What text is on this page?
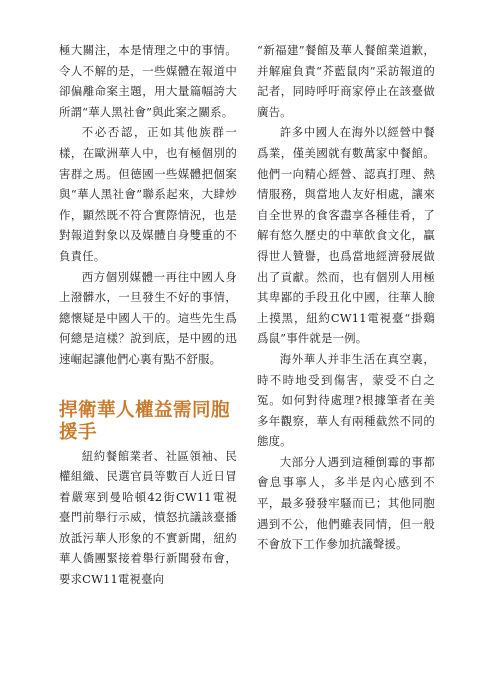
極大關注，本是情理之中的事情。令人不解的是，一些媒體在報道中卻偏離命案主題，用大量篇幅誇大所謂“華人黑社會”與此案之關系。

不必否認，正如其他族群一樣，在歐洲華人中，也有極個別的害群之馬。但德國一些媒體把個案與“華人黑社會”聯系起來，大肆炒作，顯然既不符合實際情況，也是對報道對象以及媒體自身雙重的不負責任。

西方個別媒體一再往中國人身上潑髒水，一旦發生不好的事情，總懷疑是中國人干的。這些先生爲何總是這樣？說到底，是中國的迅速崛起讓他們心裏有點不舒服。

捍衛華人權益需同胞援手

紐約餐館業者、社區領袖、民權組織、民選官員等數百人近日冒着嚴寒到曼哈頓42街CW11電視臺門前舉行示威，憤怒抗議該臺播放詆污華人形象的不實新聞，紐約華人僑團緊接着舉行新聞發布會，要求CW11電視臺向

“新福建”餐館及華人餐館業道歉，并解雇負責“芥藍鼠肉”采訪報道的記者，同時呼吁商家停止在該臺做廣告。

許多中國人在海外以經營中餐爲業，僅美國就有數萬家中餐館。他們一向精心經營、認真打理、熱情服務，與當地人友好相處，讓來自全世界的食客盡享各種佳肴，了解有悠久歷史的中華飲食文化，贏得世人贊譽，也爲當地經濟發展做出了貢獻。然而，也有個別人用極其卑鄙的手段丑化中國，往華人臉上摸黑，紐約CW11電視臺“掛鷄爲鼠”事件就是一例。

海外華人并非生活在真空裏，時不時地受到傷害，蒙受不白之冤。如何對待處理?根據筆者在美多年觀察，華人有兩種截然不同的態度。

大部分人遇到這種倒霉的事都會息事寧人，多半是內心感到不平，最多發發牢騷而已；其他同胞遇到不公，他們雖表同情，但一般不會放下工作參加抗議聲援。
